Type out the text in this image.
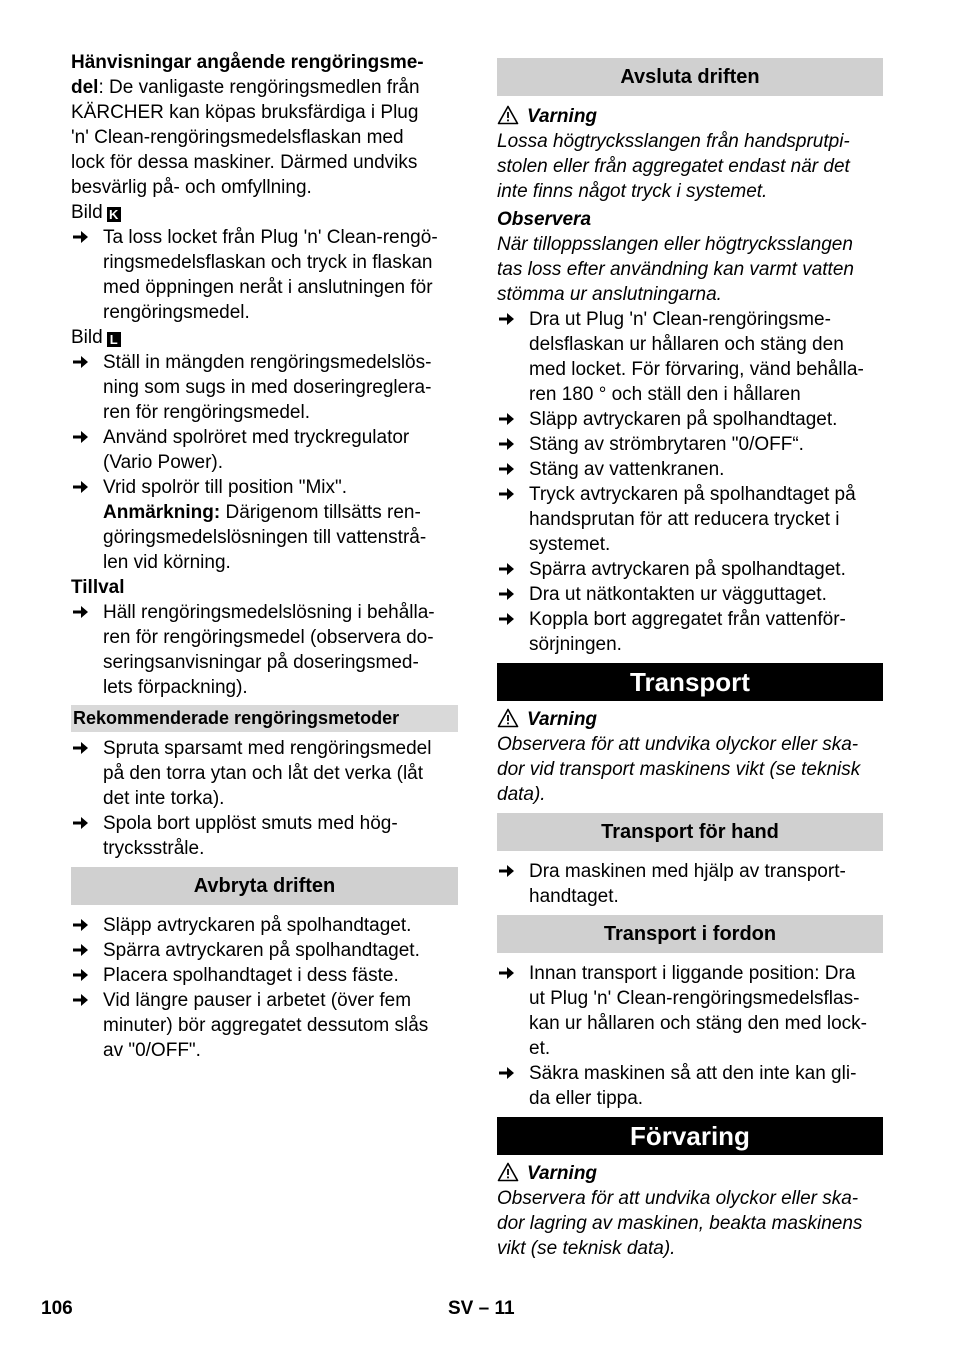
Hänvisningar angående rengöringsme-
del: De vanligaste rengöringsmedlen från
KÄRCHER kan köpas bruksfärdiga i Plug
'n' Clean-rengöringsmedelsflaskan med
lock för dessa maskiner. Därmed undviks
besvärlig på- och omfyllning.
Bild K
Ta loss locket från Plug 'n' Clean-rengö-
ringsmedelsflaskan och tryck in flaskan
med öppningen neråt i anslutningen för
rengöringsmedel.
Bild L
Ställ in mängden rengöringsmedelslös-
ning som sugs in med doseringreglera-
ren för rengöringsmedel.
Använd spolröret med tryckregulator
(Vario Power).
Vrid spolrör till position "Mix".
Anmärkning: Därigenom tillsätts ren-
göringsmedelslösningen till vattenstrå-
len vid körning.
Tillval
Häll rengöringsmedelslösning i behålla-
ren för rengöringsmedel (observera do-
seringsanvisningar på doseringsmed-
lets förpackning).
Rekommenderade rengöringsmetoder
Spruta sparsamt med rengöringsmedel
på den torra ytan och låt det verka (låt
det inte torka).
Spola bort upplöst smuts med hög-
trycksstråle.
Avbryta driften
Släpp avtryckaren på spolhandtaget.
Spärra avtryckaren på spolhandtaget.
Placera spolhandtaget i dess fäste.
Vid längre pauser i arbetet (över fem
minuter) bör aggregatet dessutom slås
av "0/OFF".
Avsluta driften
Varning
Lossa högtrycksslangen från handsprutpi-
stolen eller från aggregatet endast när det
inte finns något tryck i systemet.
Observera
När tilloppsslangen eller högtrycksslangen
tas loss efter användning kan varmt vatten
stömma ur anslutningarna.
Dra ut Plug 'n' Clean-rengöringsme-
delsflaskan ur hållaren och stäng den
med locket. För förvaring, vänd behålla-
ren 180 ° och ställ den i hållaren
Släpp avtryckaren på spolhandtaget.
Stäng av strömbrytaren "0/OFF“.
Stäng av vattenkranen.
Tryck avtryckaren på spolhandtaget på
handsprutan för att reducera trycket i
systemet.
Spärra avtryckaren på spolhandtaget.
Dra ut nätkontakten ur vägguttaget.
Koppla bort aggregatet från vattenför-
sörjningen.
Transport
Varning
Observera för att undvika olyckor eller ska-
dor vid transport maskinens vikt (se teknisk
data).
Transport för hand
Dra maskinen med hjälp av transport-
handtaget.
Transport i fordon
Innan transport i liggande position: Dra
ut Plug 'n' Clean-rengöringsmedelsflas-
kan ur hållaren och stäng den med lock-
et.
Säkra maskinen så att den inte kan gli-
da eller tippa.
Förvaring
Varning
Observera för att undvika olyckor eller ska-
dor lagring av maskinen, beakta maskinens
vikt (se teknisk data).
106	SV – 11
